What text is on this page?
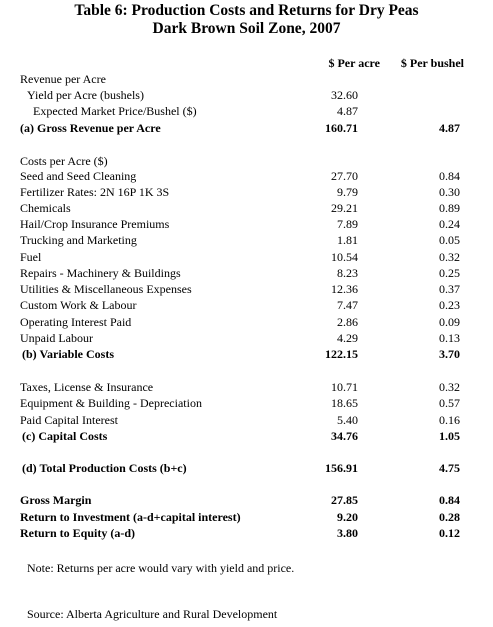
Table 6: Production Costs and Returns for Dry Peas
Dark Brown Soil Zone, 2007
$ Per acre	$ Per bushel
Revenue per Acre
Yield per Acre (bushels)	32.60
Expected Market Price/Bushel ($)	4.87
(a) Gross Revenue per Acre	160.71	4.87
Costs per Acre ($)
Seed and Seed Cleaning	27.70	0.84
Fertilizer Rates: 2N 16P 1K 3S	9.79	0.30
Chemicals	29.21	0.89
Hail/Crop Insurance Premiums	7.89	0.24
Trucking and Marketing	1.81	0.05
Fuel	10.54	0.32
Repairs - Machinery & Buildings	8.23	0.25
Utilities & Miscellaneous Expenses	12.36	0.37
Custom Work & Labour	7.47	0.23
Operating Interest Paid	2.86	0.09
Unpaid Labour	4.29	0.13
(b) Variable Costs	122.15	3.70
Taxes, License & Insurance	10.71	0.32
Equipment & Building - Depreciation	18.65	0.57
Paid Capital Interest	5.40	0.16
(c) Capital Costs	34.76	1.05
(d) Total Production Costs (b+c)	156.91	4.75
Gross Margin	27.85	0.84
Return to Investment (a-d+capital interest)	9.20	0.28
Return to Equity (a-d)	3.80	0.12
Note: Returns per acre would vary with yield and price.
Source: Alberta Agriculture and Rural Development
